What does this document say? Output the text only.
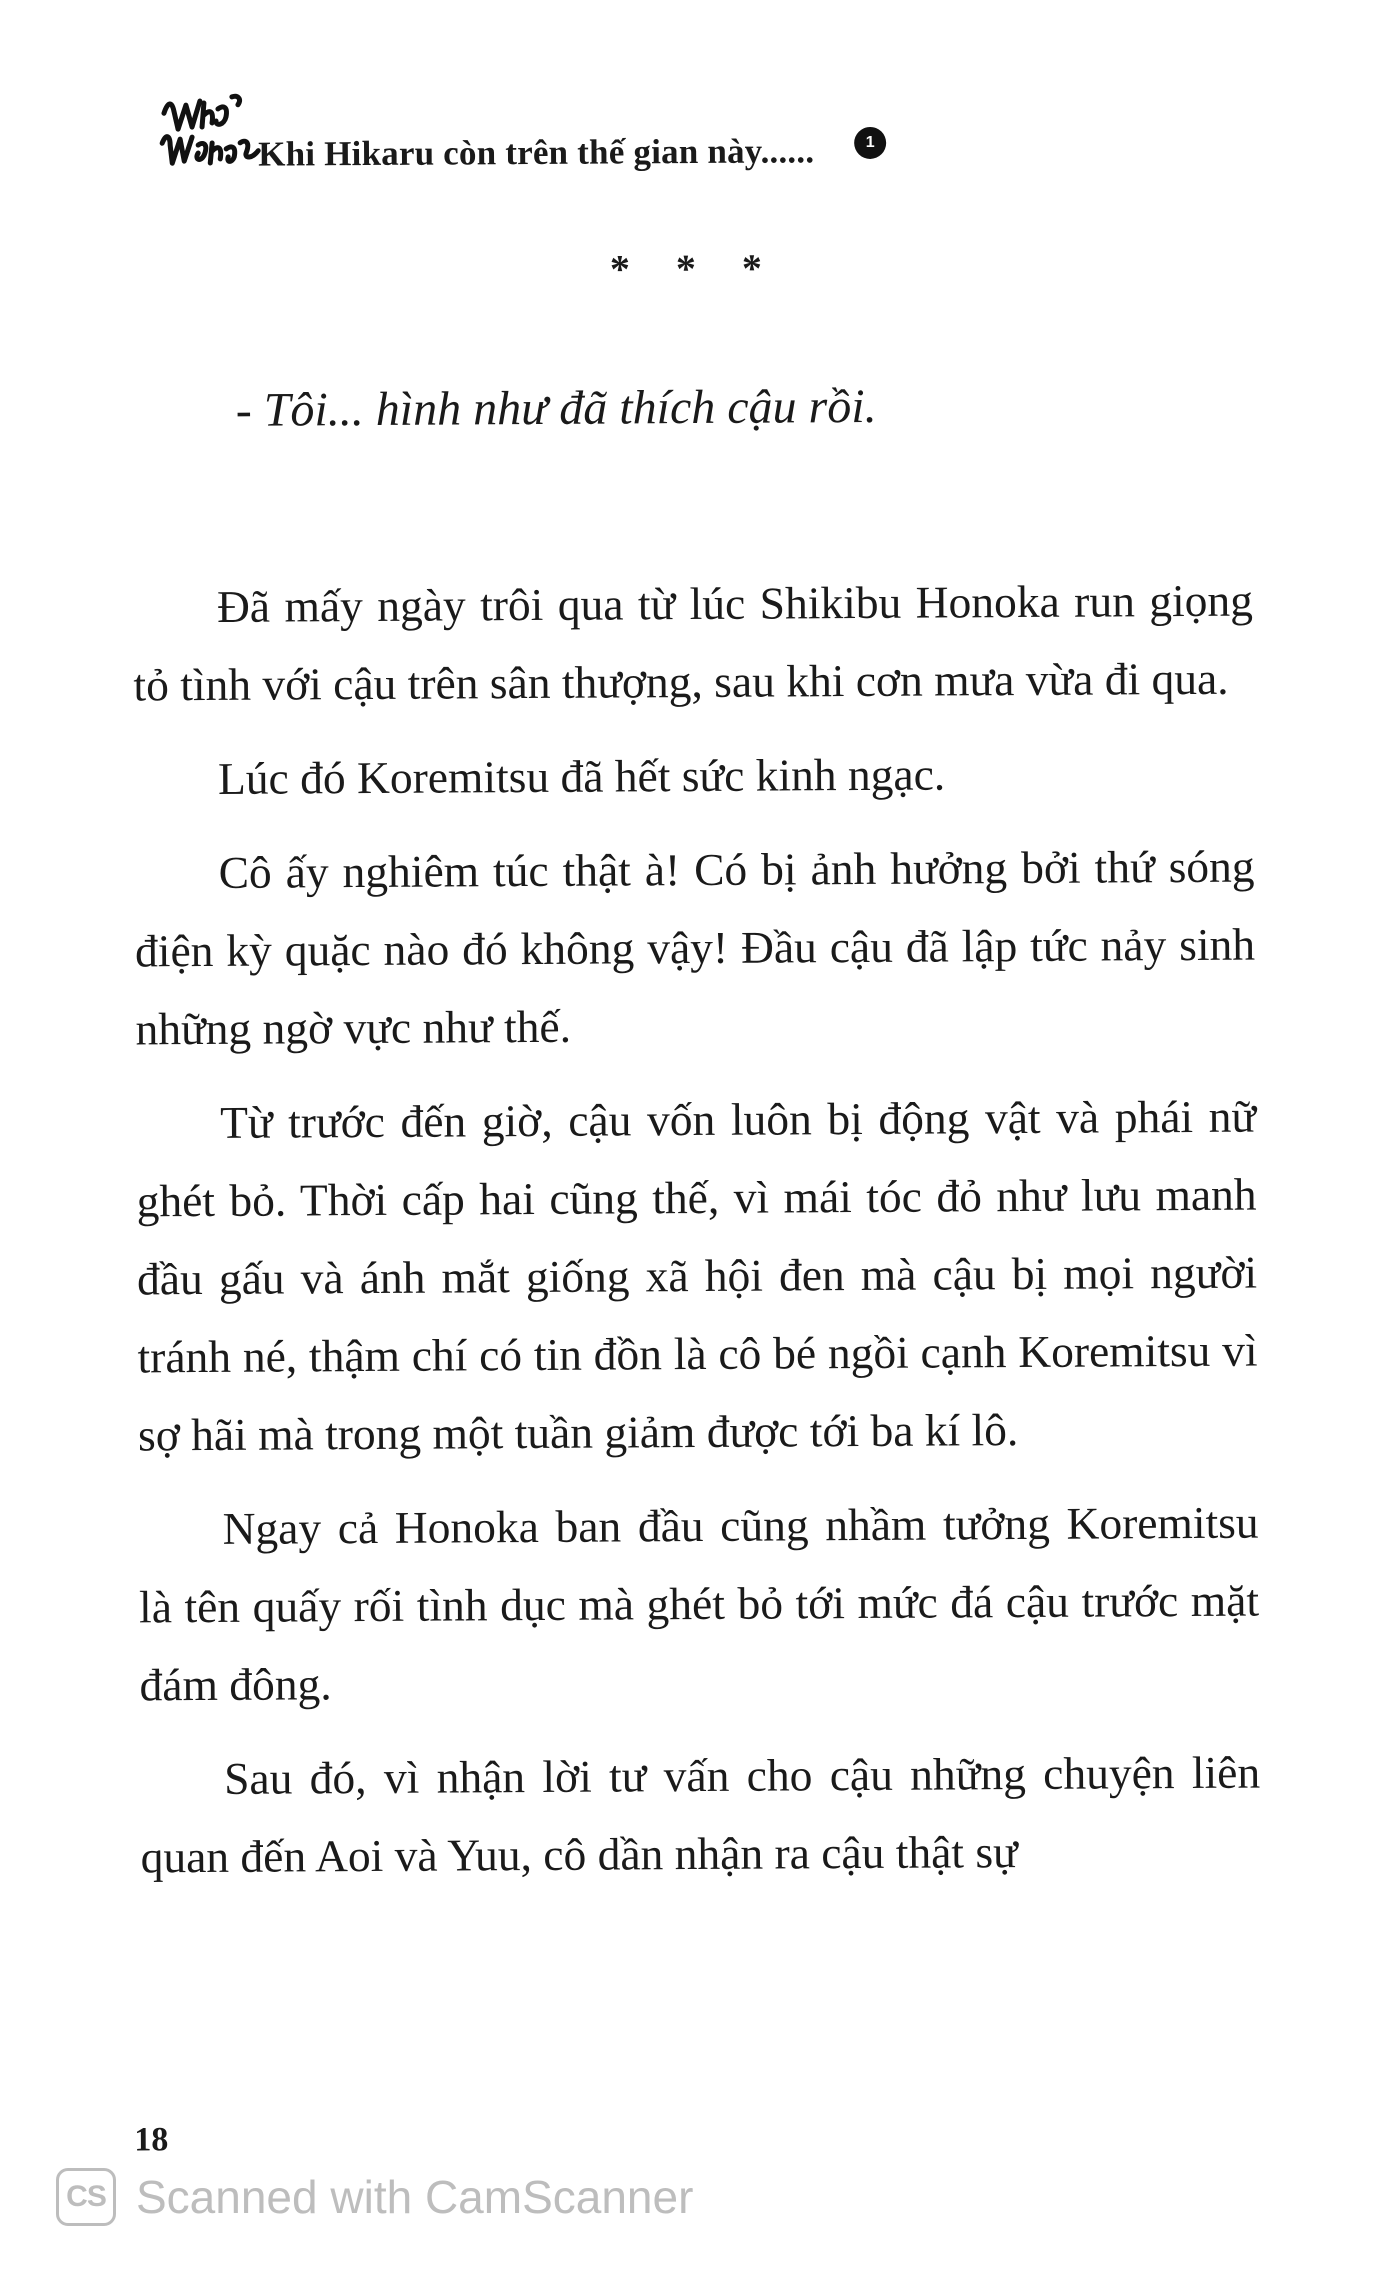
Khi Hikaru còn trên thế gian này......	1
* * *
- Tôi... hình như đã thích cậu rồi.

Đã mấy ngày trôi qua từ lúc Shikibu Honoka run giọng tỏ tình với cậu trên sân thượng, sau khi cơn mưa vừa đi qua.

Lúc đó Koremitsu đã hết sức kinh ngạc.

Cô ấy nghiêm túc thật à! Có bị ảnh hưởng bởi thứ sóng điện kỳ quặc nào đó không vậy! Đầu cậu đã lập tức nảy sinh những ngờ vực như thế.

Từ trước đến giờ, cậu vốn luôn bị động vật và phái nữ ghét bỏ. Thời cấp hai cũng thế, vì mái tóc đỏ như lưu manh đầu gấu và ánh mắt giống xã hội đen mà cậu bị mọi người tránh né, thậm chí có tin đồn là cô bé ngồi cạnh Koremitsu vì sợ hãi mà trong một tuần giảm được tới ba kí lô.

Ngay cả Honoka ban đầu cũng nhầm tưởng Koremitsu là tên quấy rối tình dục mà ghét bỏ tới mức đá cậu trước mặt đám đông.

Sau đó, vì nhận lời tư vấn cho cậu những chuyện liên quan đến Aoi và Yuu, cô dần nhận ra cậu thật sự

18
CS Scanned with CamScanner
